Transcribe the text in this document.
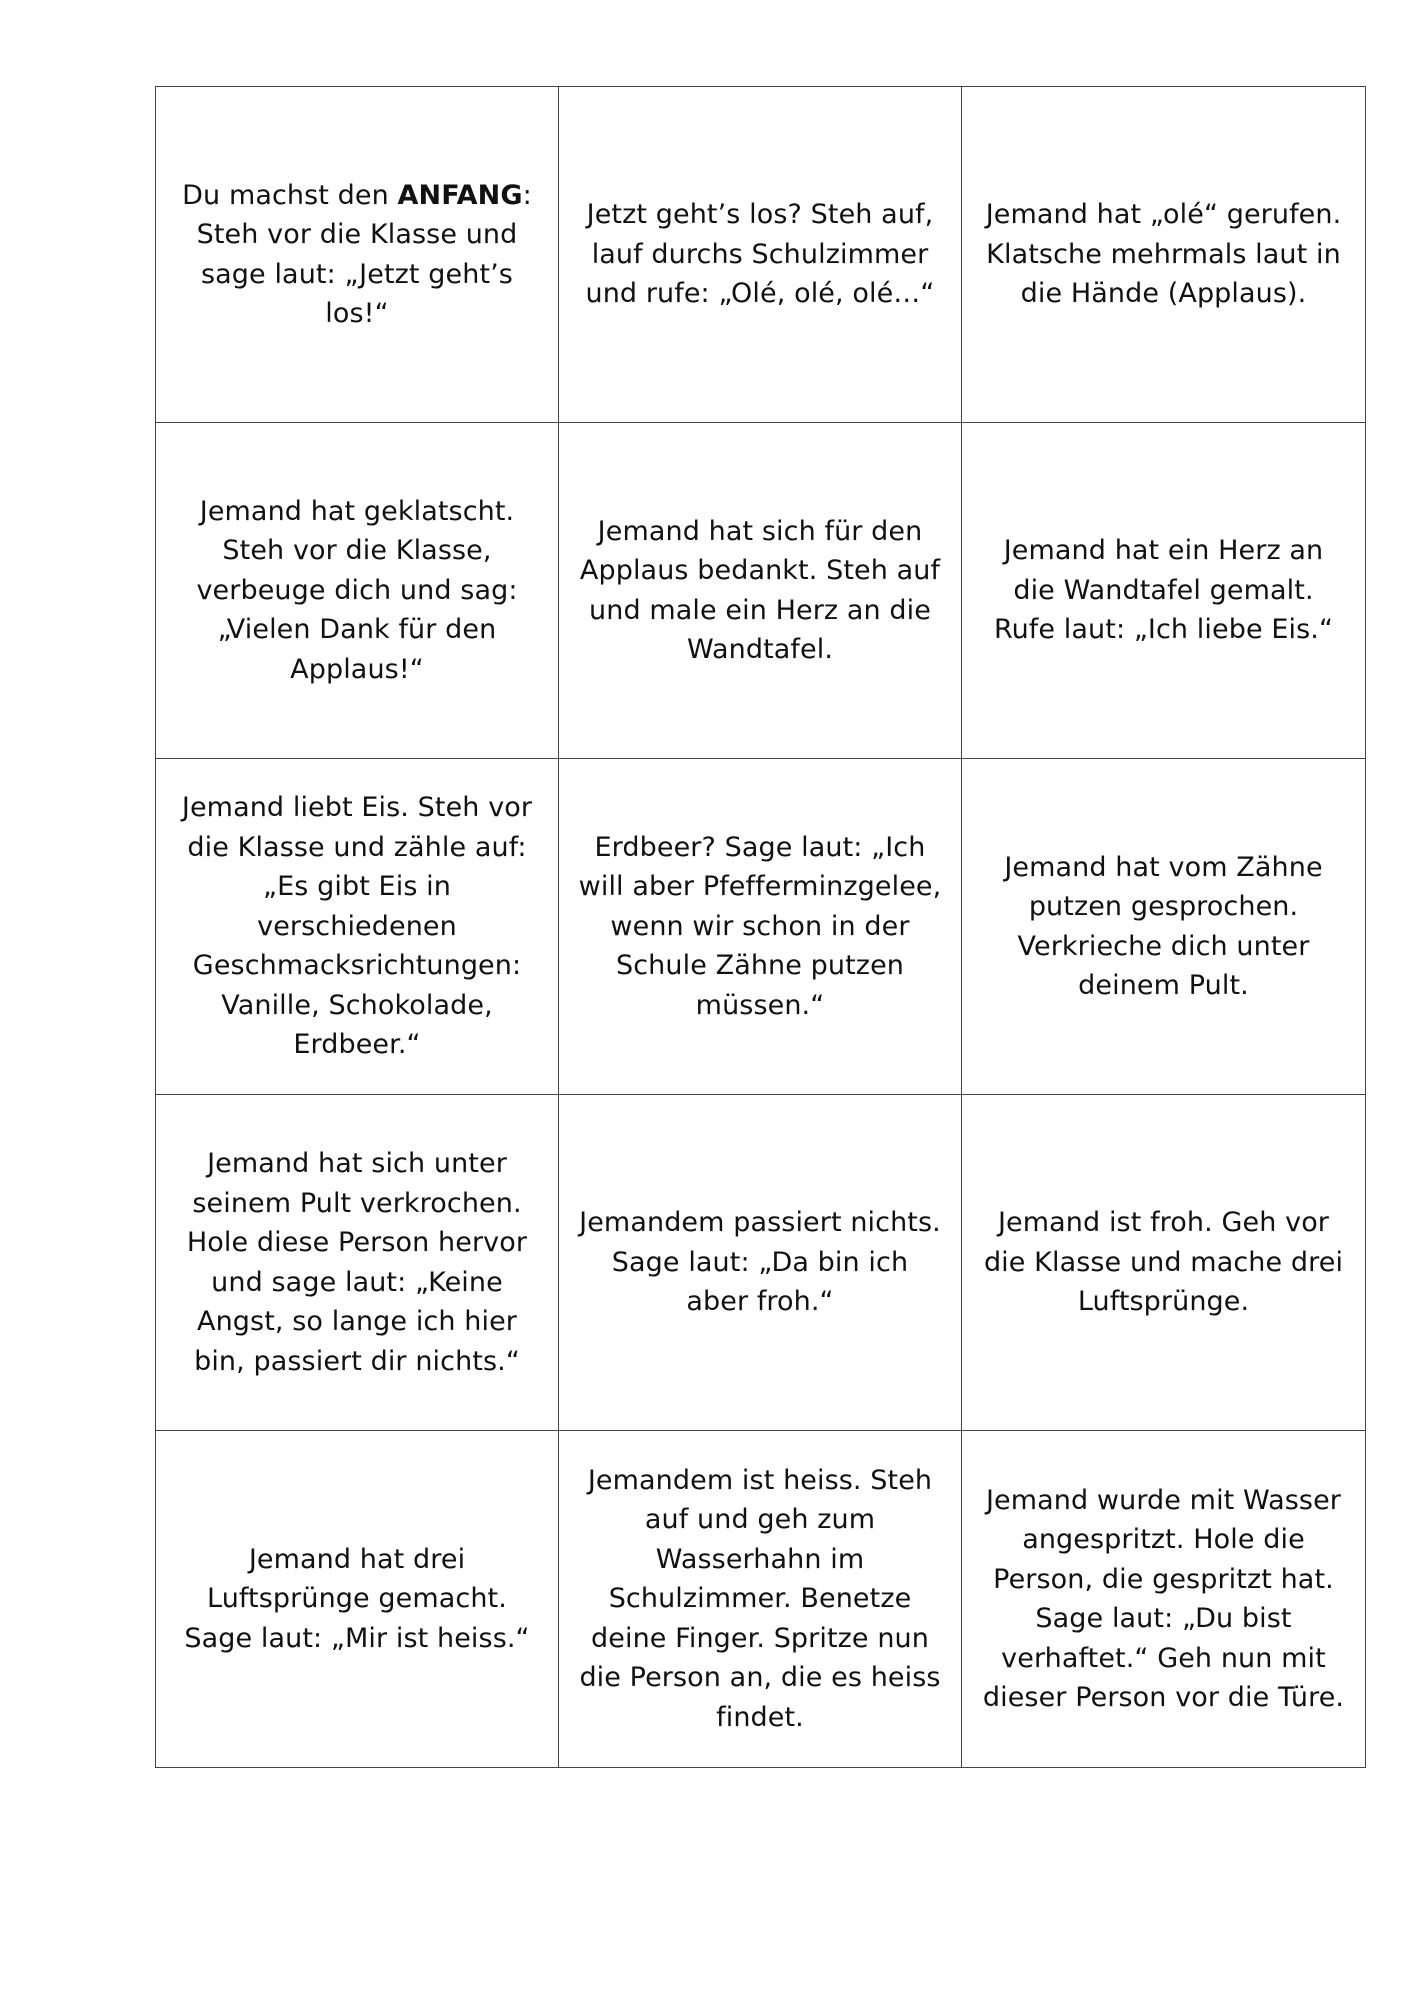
Du machst den ANFANG:
Steh vor die Klasse und sage laut: „Jetzt geht’s los!“
Jetzt geht’s los? Steh auf, lauf durchs Schulzimmer und rufe: „Olé, olé, olé…“
Jemand hat „olé“ gerufen. Klatsche mehrmals laut in die Hände (Applaus).
Jemand hat geklatscht. Steh vor die Klasse, verbeuge dich und sag: „Vielen Dank für den Applaus!“
Jemand hat sich für den Applaus bedankt. Steh auf und male ein Herz an die Wandtafel.
Jemand hat ein Herz an die Wandtafel gemalt. Rufe laut: „Ich liebe Eis.“
Jemand liebt Eis. Steh vor die Klasse und zähle auf: „Es gibt Eis in verschiedenen Geschmacksrichtungen: Vanille, Schokolade, Erdbeer.“
Erdbeer? Sage laut: „Ich will aber Pfefferminzgelee, wenn wir schon in der Schule Zähne putzen müssen.“
Jemand hat vom Zähne putzen gesprochen. Verkrieche dich unter deinem Pult.
Jemand hat sich unter seinem Pult verkrochen. Hole diese Person hervor und sage laut: „Keine Angst, so lange ich hier bin, passiert dir nichts.“
Jemandem passiert nichts. Sage laut: „Da bin ich aber froh.“
Jemand ist froh. Geh vor die Klasse und mache drei Luftsprünge.
Jemand hat drei Luftsprünge gemacht. Sage laut: „Mir ist heiss.“
Jemandem ist heiss. Steh auf und geh zum Wasserhahn im Schulzimmer. Benetze deine Finger. Spritze nun die Person an, die es heiss findet.
Jemand wurde mit Wasser angespritzt. Hole die Person, die gespritzt hat. Sage laut: „Du bist verhaftet.“ Geh nun mit dieser Person vor die Türe.
